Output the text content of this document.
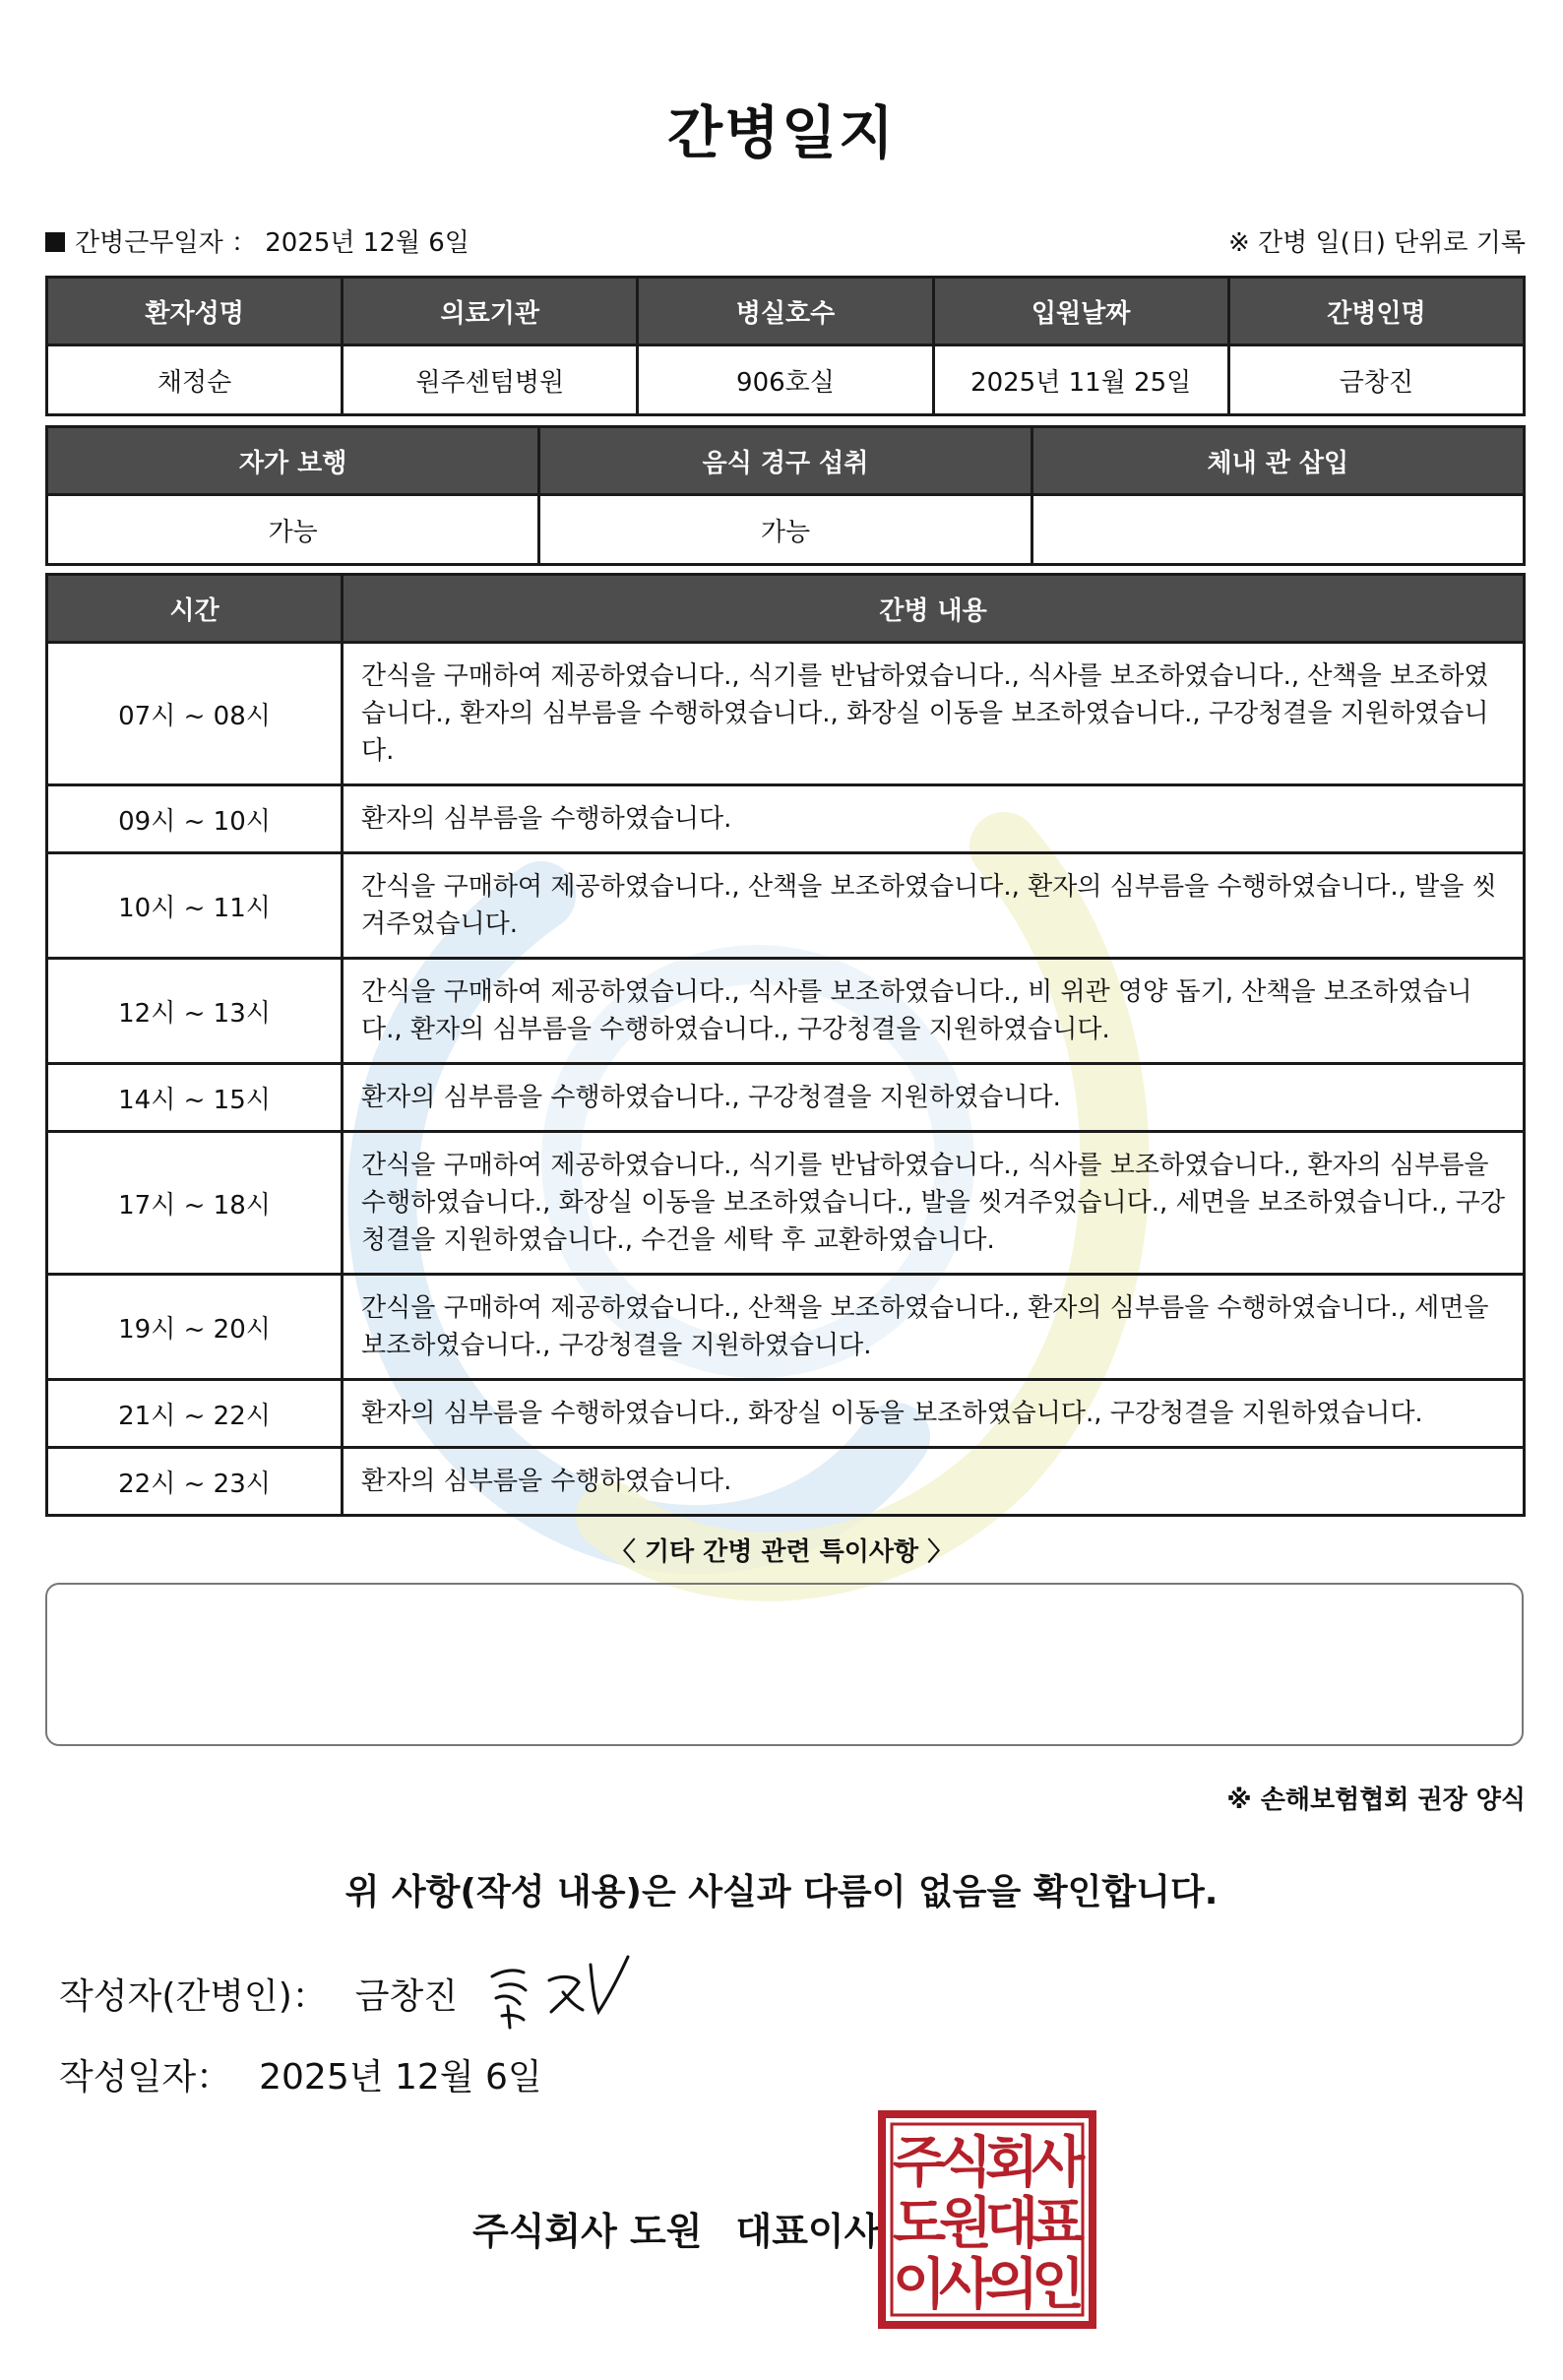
간병일지
간병근무일자 ： 2025년 12월 6일	※ 간병 일(日) 단위로 기록
환자성명	의료기관	병실호수	입원날짜	간병인명
채정순	원주센텀병원	906호실	2025년 11월 25일	금창진
자가 보행	음식 경구 섭취	체내 관 삽입
가능	가능	
시간	간병 내용
07시 ~ 08시	간식을 구매하여 제공하였습니다., 식기를 반납하였습니다., 식사를 보조하였습니다., 산책을 보조하였습니다., 환자의 심부름을 수행하였습니다., 화장실 이동을 보조하였습니다., 구강청결을 지원하였습니다.
09시 ~ 10시	환자의 심부름을 수행하였습니다.
10시 ~ 11시	간식을 구매하여 제공하였습니다., 산책을 보조하였습니다., 환자의 심부름을 수행하였습니다., 발을 씻겨주었습니다.
12시 ~ 13시	간식을 구매하여 제공하였습니다., 식사를 보조하였습니다., 비 위관 영양 돕기, 산책을 보조하였습니다., 환자의 심부름을 수행하였습니다., 구강청결을 지원하였습니다.
14시 ~ 15시	환자의 심부름을 수행하였습니다., 구강청결을 지원하였습니다.
17시 ~ 18시	간식을 구매하여 제공하였습니다., 식기를 반납하였습니다., 식사를 보조하였습니다., 환자의 심부름을 수행하였습니다., 화장실 이동을 보조하였습니다., 발을 씻겨주었습니다., 세면을 보조하였습니다., 구강청결을 지원하였습니다., 수건을 세탁 후 교환하였습니다.
19시 ~ 20시	간식을 구매하여 제공하였습니다., 산책을 보조하였습니다., 환자의 심부름을 수행하였습니다., 세면을 보조하였습니다., 구강청결을 지원하였습니다.
21시 ~ 22시	환자의 심부름을 수행하였습니다., 화장실 이동을 보조하였습니다., 구강청결을 지원하였습니다.
22시 ~ 23시	환자의 심부름을 수행하였습니다.
〈 기타 간병 관련 특이사항 〉
※ 손해보험협회 권장 양식
위 사항(작성 내용)은 사실과 다름이 없음을 확인합니다.
작성자(간병인)： 금창진
작성일자： 2025년 12월 6일
주식회사 도원 대표이사
주
식
회
사
도
원
대
표
이
사
의
인
